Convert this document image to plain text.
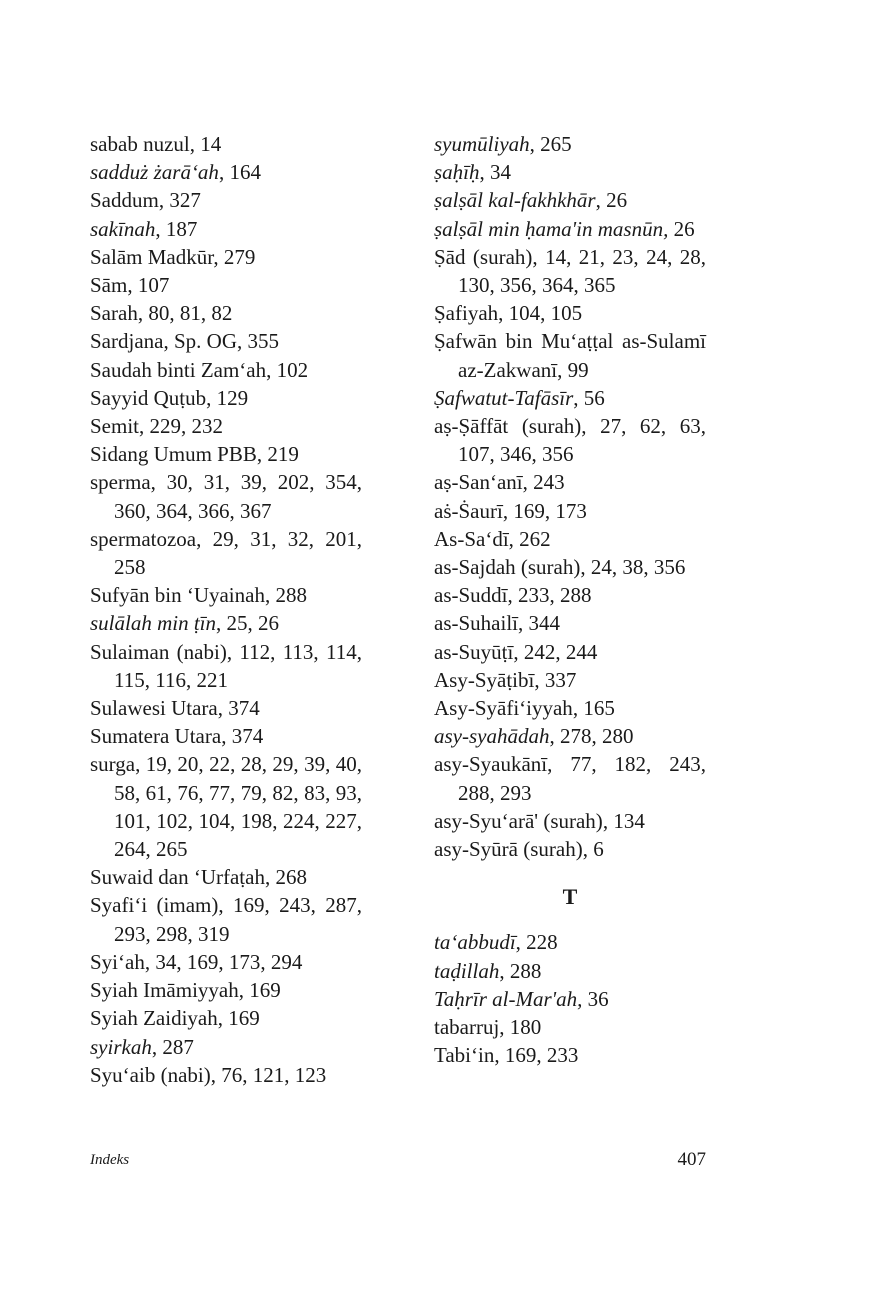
sabab nuzul, 14
sadduż żarā‘ah, 164
Saddum, 327
sakīnah, 187
Salām Madkūr, 279
Sām, 107
Sarah, 80, 81, 82
Sardjana, Sp. OG, 355
Saudah binti Zam‘ah, 102
Sayyid Quṭub, 129
Semit, 229, 232
Sidang Umum PBB, 219
sperma, 30, 31, 39, 202, 354, 360, 364, 366, 367
spermatozoa, 29, 31, 32, 201, 258
Sufyān bin ‘Uyainah, 288
sulālah min ṭīn, 25, 26
Sulaiman (nabi), 112, 113, 114, 115, 116, 221
Sulawesi Utara, 374
Sumatera Utara, 374
surga, 19, 20, 22, 28, 29, 39, 40, 58, 61, 76, 77, 79, 82, 83, 93, 101, 102, 104, 198, 224, 227, 264, 265
Suwaid dan ‘Urfaṭah, 268
Syafi‘i (imam), 169, 243, 287, 293, 298, 319
Syi‘ah, 34, 169, 173, 294
Syiah Imāmiyyah, 169
Syiah Zaidiyah, 169
syirkah, 287
Syu‘aib (nabi), 76, 121, 123
syumūliyah, 265
ṣaḥīḥ, 34
ṣalṣāl kal-fakhkhār, 26
ṣalṣāl min ḥama'in masnūn, 26
Ṣād (surah), 14, 21, 23, 24, 28, 130, 356, 364, 365
Ṣafiyah, 104, 105
Ṣafwān bin Mu‘aṭṭal as-Sulamī az-Zakwanī, 99
Ṣafwatut-Tafāsīr, 56
aṣ-Ṣāffāt (surah), 27, 62, 63, 107, 346, 356
aṣ-San‘anī, 243
aṡ-Ṡaurī, 169, 173
As-Sa‘dī, 262
as-Sajdah (surah), 24, 38, 356
as-Suddī, 233, 288
as-Suhailī, 344
as-Suyūṭī, 242, 244
Asy-Syāṭibī, 337
Asy-Syāfi‘iyyah, 165
asy-syahādah, 278, 280
asy-Syaukānī, 77, 182, 243, 288, 293
asy-Syu‘arā' (surah), 134
asy-Syūrā (surah), 6
T
ta‘abbudī, 228
taḍillah, 288
Taḥrīr al-Mar'ah, 36
tabarruj, 180
Tabi‘in, 169, 233
Indeks	407
